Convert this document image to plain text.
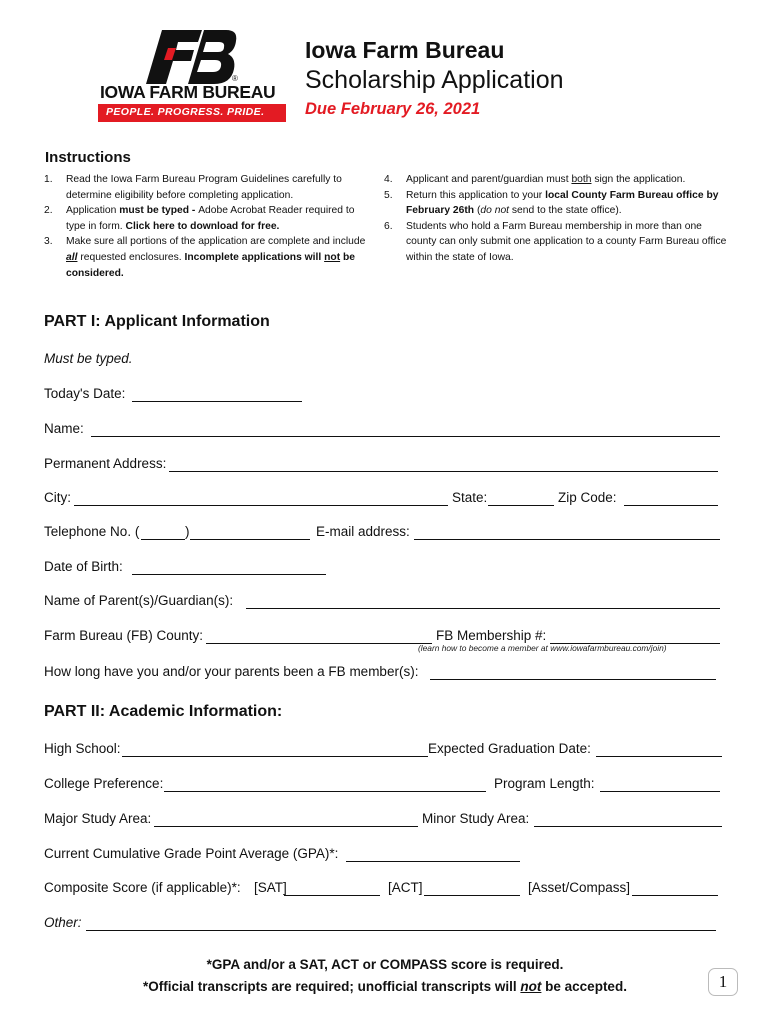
®
IOWA FARM BUREAU
PEOPLE. PROGRESS. PRIDE.
Iowa Farm Bureau
Scholarship Application
Due February 26, 2021
Instructions
1. Read the Iowa Farm Bureau Program Guidelines carefully to determine eligibility before completing application.
2. Application must be typed - Adobe Acrobat Reader required to type in form. Click here to download for free.
3. Make sure all portions of the application are complete and include all requested enclosures. Incomplete applications will not be considered.
4. Applicant and parent/guardian must both sign the application.
5. Return this application to your local County Farm Bureau office by February 26th (do not send to the state office).
6. Students who hold a Farm Bureau membership in more than one county can only submit one application to a county Farm Bureau office within the state of Iowa.
PART I: Applicant Information
Must be typed.
Today's Date:
Name:
Permanent Address:
City:	State:	Zip Code:
Telephone No. (	)	E-mail address:
Date of Birth:
Name of Parent(s)/Guardian(s):
Farm Bureau (FB) County:	FB Membership #:
(learn how to become a member at www.iowafarmbureau.com/join)
How long have you and/or your parents been a FB member(s):
PART II: Academic Information:
High School:	Expected Graduation Date:
College Preference:	Program Length:
Major Study Area:	Minor Study Area:
Current Cumulative Grade Point Average (GPA)*:
Composite Score (if applicable)*: [SAT]	[ACT]	[Asset/Compass]
Other:
*GPA and/or a SAT, ACT or COMPASS score is required.
*Official transcripts are required; unofficial transcripts will not be accepted.	1
